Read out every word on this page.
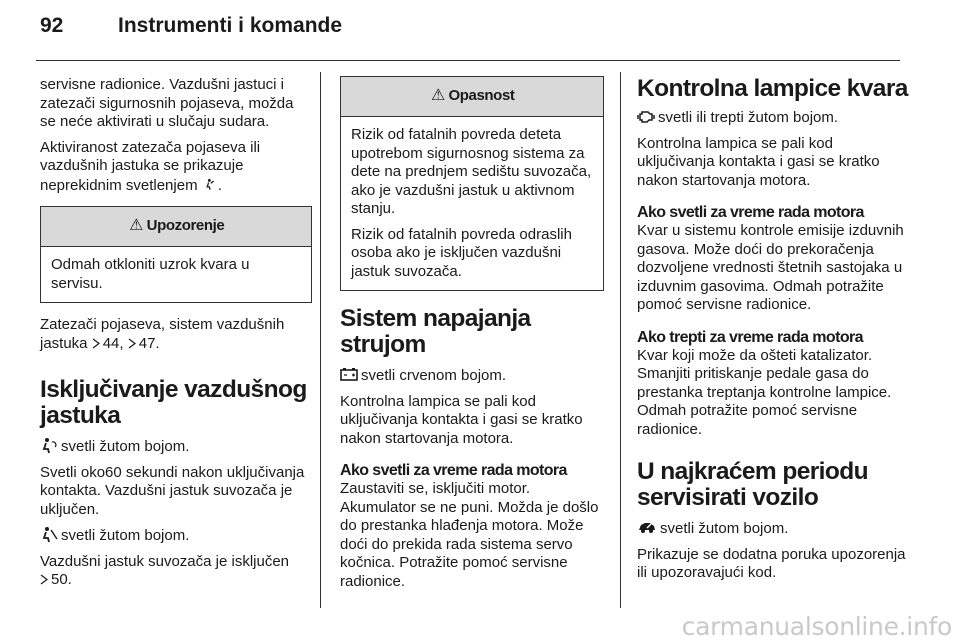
92	Instrumenti i komande

servisne radionice. Vazdušni jastuci i zatezači sigurnosnih pojaseva, možda se neće aktivirati u slučaju sudara.

Aktiviranost zatezača pojaseva ili vazdušnih jastuka se prikazuje neprekidnim svetlenjem .

⚠ Upozorenje

Odmah otkloniti uzrok kvara u servisu.

Zatezači pojaseva, sistem vazdušnih jastuka 44, 47.

Isključivanje vazdušnog jastuka

svetli žutom bojom.

Svetli oko60 sekundi nakon uključivanja kontakta. Vazdušni jastuk suvozača je uključen.

svetli žutom bojom.

Vazdušni jastuk suvozača je isključen
50.

⚠ Opasnost

Rizik od fatalnih povreda deteta upotrebom sigurnosnog sistema za dete na prednjem sedištu suvozača, ako je vazdušni jastuk u aktivnom stanju.

Rizik od fatalnih povreda odraslih osoba ako je isključen vazdušni jastuk suvozača.

Sistem napajanja strujom

svetli crvenom bojom.

Kontrolna lampica se pali kod uključivanja kontakta i gasi se kratko nakon startovanja motora.

Ako svetli za vreme rada motora

Zaustaviti se, isključiti motor. Akumulator se ne puni. Možda je došlo do prestanka hlađenja motora. Može doći do prekida rada sistema servo kočnica. Potražite pomoć servisne radionice.

Kontrolna lampice kvara

svetli ili trepti žutom bojom.

Kontrolna lampica se pali kod uključivanja kontakta i gasi se kratko nakon startovanja motora.

Ako svetli za vreme rada motora

Kvar u sistemu kontrole emisije izduvnih gasova. Može doći do prekoračenja dozvoljene vrednosti štetnih sastojaka u izduvnim gasovima. Odmah potražite pomoć servisne radionice.

Ako trepti za vreme rada motora

Kvar koji može da ošteti katalizator. Smanjiti pritiskanje pedale gasa do prestanka treptanja kontrolne lampice. Odmah potražite pomoć servisne radionice.

U najkraćem periodu servisirati vozilo

svetli žutom bojom.

Prikazuje se dodatna poruka upozorenja ili upozoravajući kod.

carmanualsonline.info
